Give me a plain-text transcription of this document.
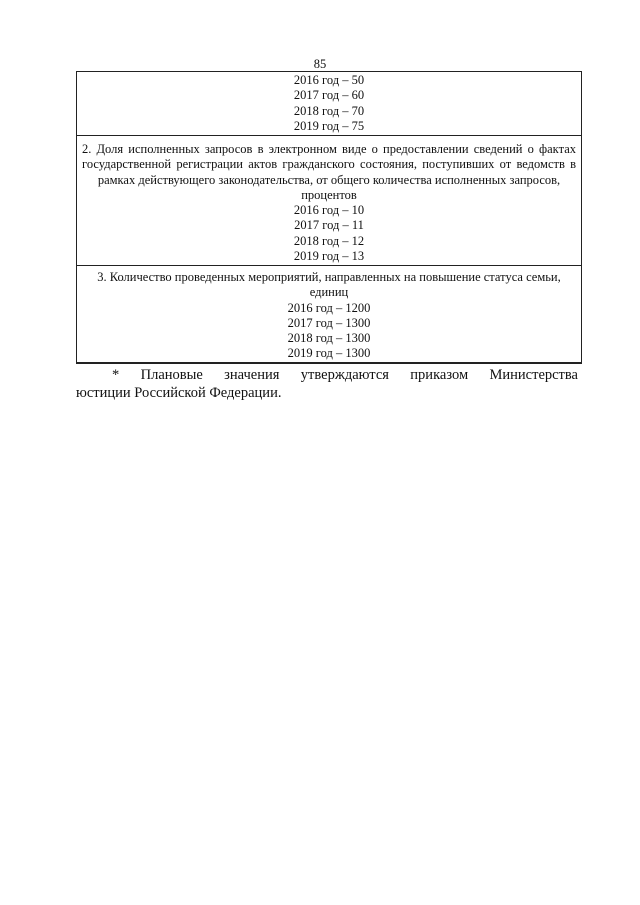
85
2016 год – 50
2017 год – 60
2018 год – 70
2019 год – 75
2. Доля исполненных запросов в электронном виде о предоставлении сведений о фактах государственной регистрации актов гражданского состояния, поступивших от ведомств в рамках действующего законодательства, от общего количества исполненных запросов,
процентов
2016 год – 10
2017 год – 11
2018 год – 12
2019 год – 13
3. Количество проведенных мероприятий, направленных на повышение статуса семьи,
единиц
2016 год – 1200
2017 год – 1300
2018 год – 1300
2019 год – 1300

* Плановые значения утверждаются приказом Министерства

юстиции Российской Федерации.
